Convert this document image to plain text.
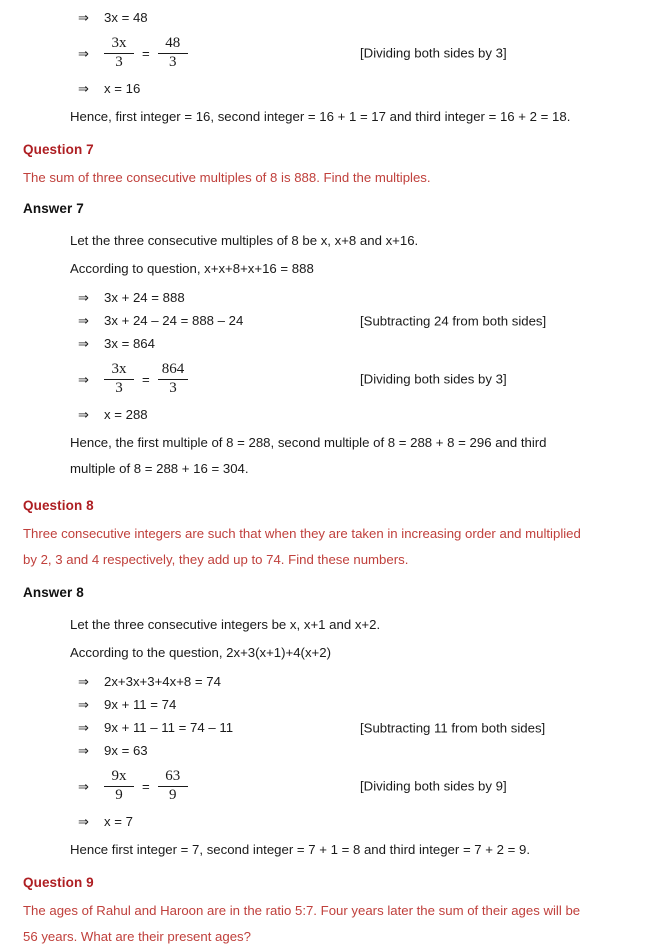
⇒	3x = 48
⇒	$\frac{3x}{3} = \frac{48}{3}$	[Dividing both sides by 3]
⇒	x = 16

Hence, first integer = 16, second integer = 16 + 1 = 17 and third integer = 16 + 2 = 18.

Question 7

The sum of three consecutive multiples of 8 is 888. Find the multiples.

Answer 7

Let the three consecutive multiples of 8 be x, x+8 and x+16.

According to question, x+x+8+x+16 = 888

⇒	3x + 24 = 888
⇒	3x + 24 – 24 = 888 – 24	[Subtracting 24 from both sides]
⇒	3x = 864
⇒	$\frac{3x}{3} = \frac{864}{3}$	[Dividing both sides by 3]
⇒	x = 288

Hence, the first multiple of 8 = 288, second multiple of 8 = 288 + 8 = 296 and third

multiple of 8 = 288 + 16 = 304.

Question 8

Three consecutive integers are such that when they are taken in increasing order and multiplied

by 2, 3 and 4 respectively, they add up to 74. Find these numbers.

Answer 8

Let the three consecutive integers be x, x+1 and x+2.

According to the question, 2x+3(x+1)+4(x+2)

⇒	2x+3x+3+4x+8 = 74
⇒	9x + 11 = 74
⇒	9x + 11 – 11 = 74 – 11	[Subtracting 11 from both sides]
⇒	9x = 63
⇒	$\frac{9x}{9} = \frac{63}{9}$	[Dividing both sides by 9]
⇒	x = 7

Hence first integer = 7, second integer = 7 + 1 = 8 and third integer = 7 + 2 = 9.

Question 9

The ages of Rahul and Haroon are in the ratio 5:7. Four years later the sum of their ages will be

56 years. What are their present ages?
